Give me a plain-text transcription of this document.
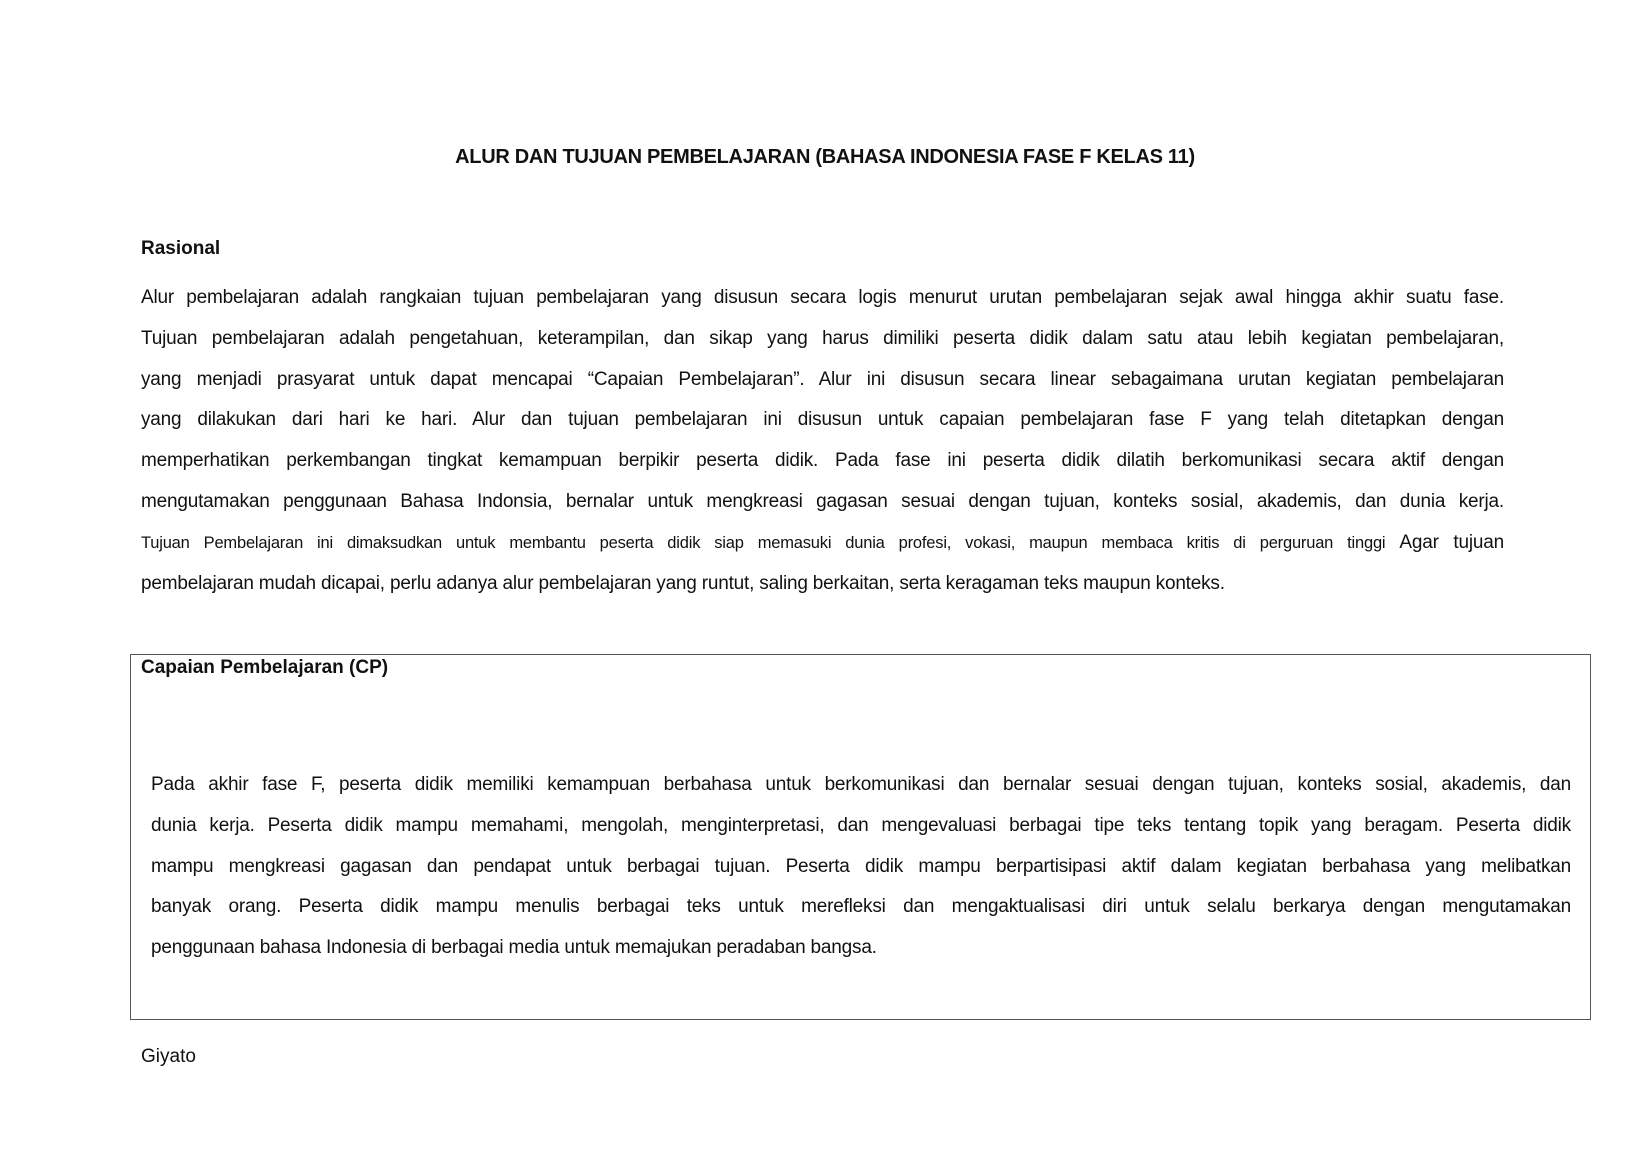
ALUR DAN TUJUAN PEMBELAJARAN (BAHASA INDONESIA FASE F KELAS 11)
Rasional
Alur pembelajaran adalah rangkaian tujuan pembelajaran yang disusun secara logis menurut urutan pembelajaran sejak awal hingga akhir suatu fase.
Tujuan pembelajaran adalah pengetahuan, keterampilan, dan sikap yang harus dimiliki peserta didik dalam satu atau lebih kegiatan pembelajaran,
yang menjadi prasyarat untuk dapat mencapai “Capaian Pembelajaran”. Alur ini disusun secara linear sebagaimana urutan kegiatan pembelajaran
yang dilakukan dari hari ke hari. Alur dan tujuan pembelajaran ini disusun untuk capaian pembelajaran fase F yang telah ditetapkan dengan
memperhatikan perkembangan tingkat kemampuan berpikir peserta didik. Pada fase ini peserta didik dilatih berkomunikasi secara aktif dengan
mengutamakan penggunaan Bahasa Indonsia, bernalar untuk mengkreasi gagasan sesuai dengan tujuan, konteks sosial, akademis, dan dunia kerja.
Tujuan Pembelajaran ini dimaksudkan untuk membantu peserta didik siap memasuki dunia profesi, vokasi, maupun membaca kritis di perguruan tinggi Agar tujuan
pembelajaran mudah dicapai, perlu adanya alur pembelajaran yang runtut, saling berkaitan, serta keragaman teks maupun konteks.
Capaian Pembelajaran (CP)
Pada akhir fase F, peserta didik memiliki kemampuan berbahasa untuk berkomunikasi dan bernalar sesuai dengan tujuan, konteks sosial, akademis, dan
dunia kerja. Peserta didik mampu memahami, mengolah, menginterpretasi, dan mengevaluasi berbagai tipe teks tentang topik yang beragam. Peserta didik
mampu mengkreasi gagasan dan pendapat untuk berbagai tujuan. Peserta didik mampu berpartisipasi aktif dalam kegiatan berbahasa yang melibatkan
banyak orang. Peserta didik mampu menulis berbagai teks untuk merefleksi dan mengaktualisasi diri untuk selalu berkarya dengan mengutamakan
penggunaan bahasa Indonesia di berbagai media untuk memajukan peradaban bangsa.
Giyato
